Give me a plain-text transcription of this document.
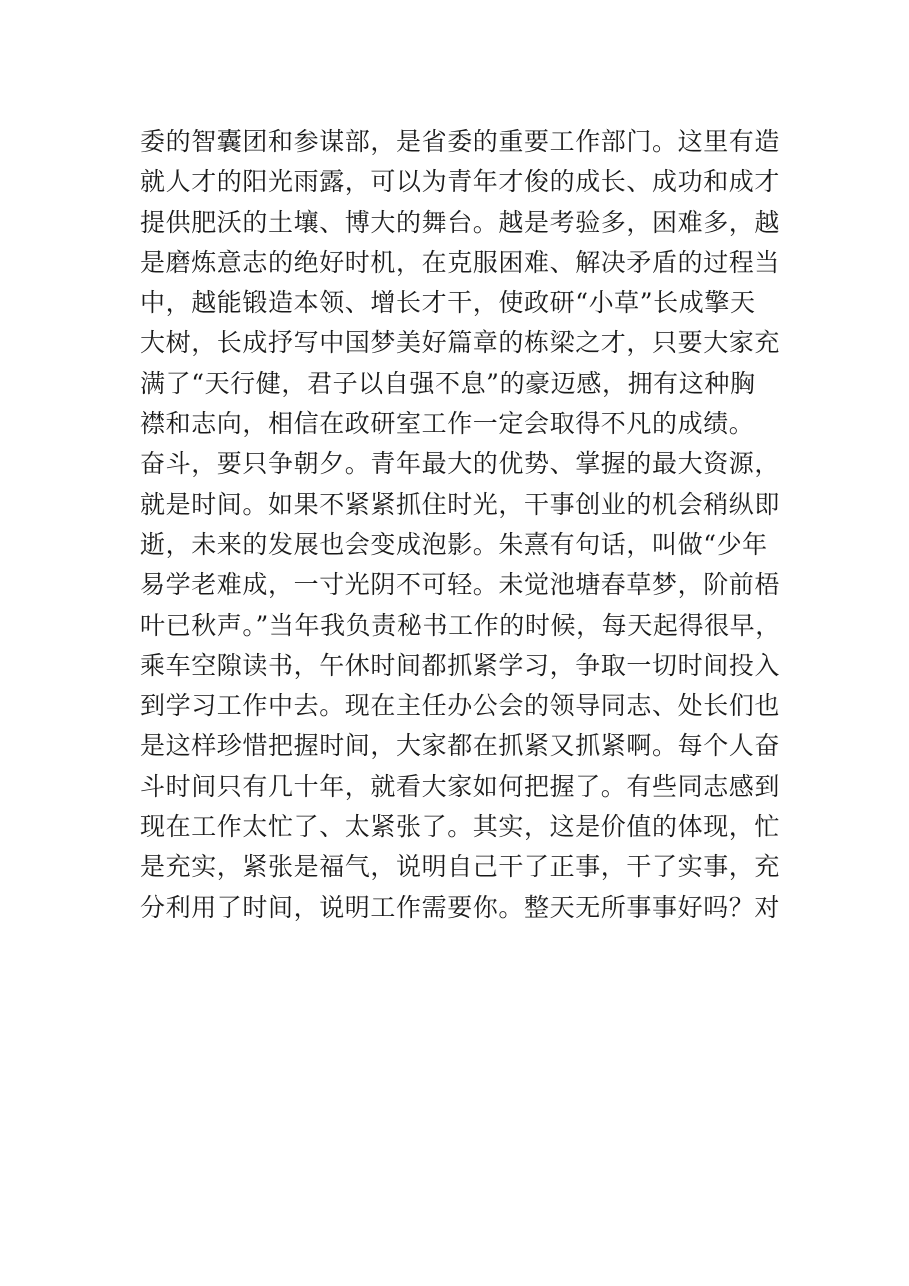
委的智囊团和参谋部，是省委的重要工作部门。这里有造
就人才的阳光雨露，可以为青年才俊的成长、成功和成才
提供肥沃的土壤、博大的舞台。越是考验多，困难多，越
是磨炼意志的绝好时机，在克服困难、解决矛盾的过程当
中，越能锻造本领、增长才干，使政研“小草”长成擎天
大树，长成抒写中国梦美好篇章的栋梁之才，只要大家充
满了“天行健，君子以自强不息”的豪迈感，拥有这种胸
襟和志向，相信在政研室工作一定会取得不凡的成绩。
奋斗，要只争朝夕。青年最大的优势、掌握的最大资源，
就是时间。如果不紧紧抓住时光，干事创业的机会稍纵即
逝，未来的发展也会变成泡影。朱熹有句话，叫做“少年
易学老难成，一寸光阴不可轻。未觉池塘春草梦，阶前梧
叶已秋声。”当年我负责秘书工作的时候，每天起得很早，
乘车空隙读书，午休时间都抓紧学习，争取一切时间投入
到学习工作中去。现在主任办公会的领导同志、处长们也
是这样珍惜把握时间，大家都在抓紧又抓紧啊。每个人奋
斗时间只有几十年，就看大家如何把握了。有些同志感到
现在工作太忙了、太紧张了。其实，这是价值的体现，忙
是充实，紧张是福气，说明自己干了正事，干了实事，充
分利用了时间，说明工作需要你。整天无所事事好吗？对
